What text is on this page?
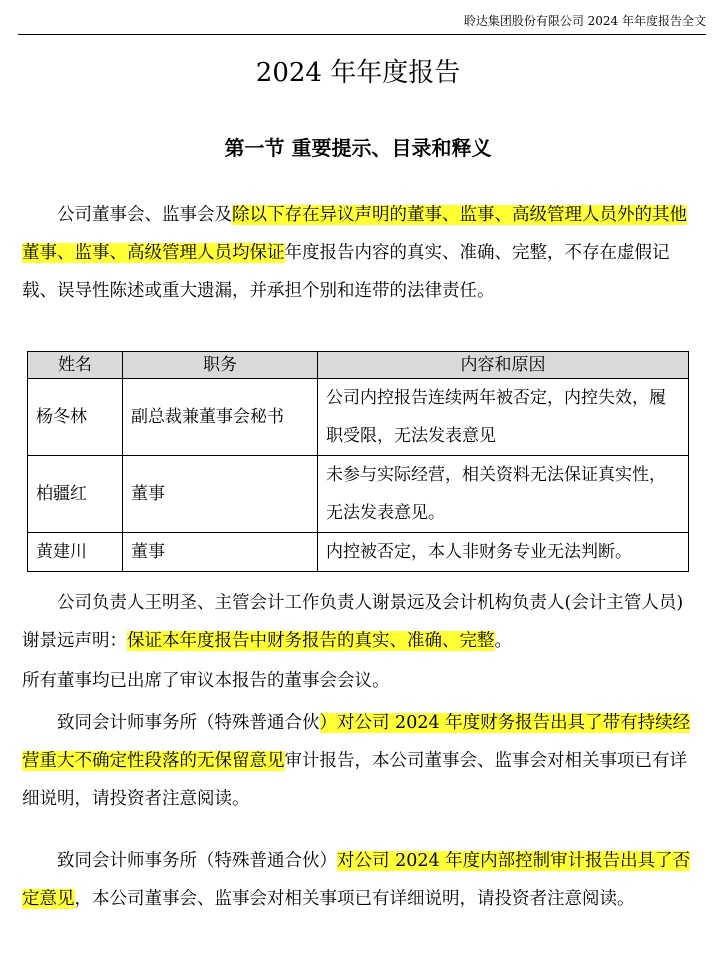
聆达集团股份有限公司 2024 年年度报告全文
2024 年年度报告
第一节 重要提示、目录和释义

公司董事会、监事会及除以下存在异议声明的董事、监事、高级管理人员外的其他董事、监事、高级管理人员均保证年度报告内容的真实、准确、完整，不存在虚假记载、误导性陈述或重大遗漏，并承担个别和连带的法律责任。

姓名	职务	内容和原因
杨冬林	副总裁兼董事会秘书	公司内控报告连续两年被否定，内控失效，履职受限，无法发表意见
柏疆红	董事	未参与实际经营，相关资料无法保证真实性，无法发表意见。
黄建川	董事	内控被否定，本人非财务专业无法判断。

公司负责人王明圣、主管会计工作负责人谢景远及会计机构负责人(会计主管人员)谢景远声明：保证本年度报告中财务报告的真实、准确、完整。

所有董事均已出席了审议本报告的董事会会议。

致同会计师事务所（特殊普通合伙）对公司 2024 年度财务报告出具了带有持续经营重大不确定性段落的无保留意见审计报告，本公司董事会、监事会对相关事项已有详细说明，请投资者注意阅读。

致同会计师事务所（特殊普通合伙）对公司 2024 年度内部控制审计报告出具了否定意见，本公司董事会、监事会对相关事项已有详细说明，请投资者注意阅读。
